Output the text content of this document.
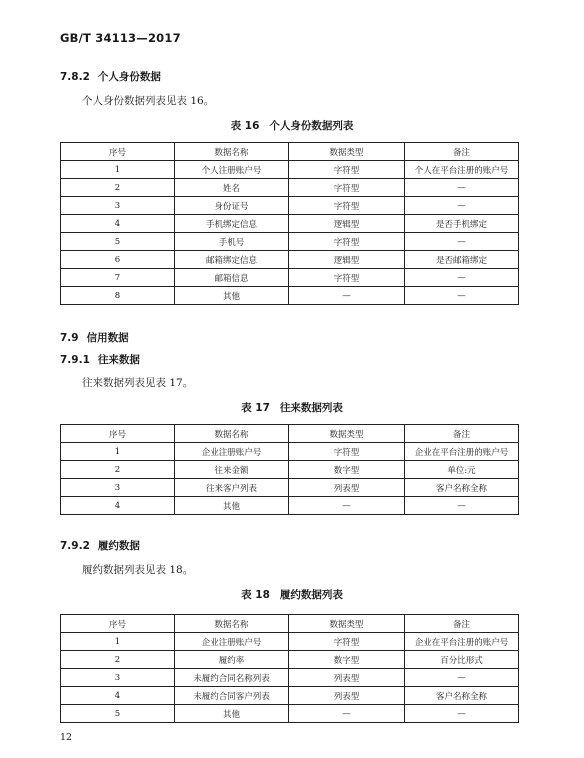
GB/T 34113—2017
7.8.2 个人身份数据
个人身份数据列表见表 16。
表 16 个人身份数据列表
序号	数据名称	数据类型	备注
1	个人注册账户号	字符型	个人在平台注册的账户号
2	姓名	字符型	—
3	身份证号	字符型	—
4	手机绑定信息	逻辑型	是否手机绑定
5	手机号	字符型	—
6	邮箱绑定信息	逻辑型	是否邮箱绑定
7	邮箱信息	字符型	—
8	其他	—	—
7.9 信用数据
7.9.1 往来数据
往来数据列表见表 17。
表 17 往来数据列表
序号	数据名称	数据类型	备注
1	企业注册账户号	字符型	企业在平台注册的账户号
2	往来金额	数字型	单位:元
3	往来客户列表	列表型	客户名称全称
4	其他	—	—
7.9.2 履约数据
履约数据列表见表 18。
表 18 履约数据列表
序号	数据名称	数据类型	备注
1	企业注册账户号	字符型	企业在平台注册的账户号
2	履约率	数字型	百分比形式
3	未履约合同名称列表	列表型	—
4	未履约合同客户列表	列表型	客户名称全称
5	其他	—	—
12
